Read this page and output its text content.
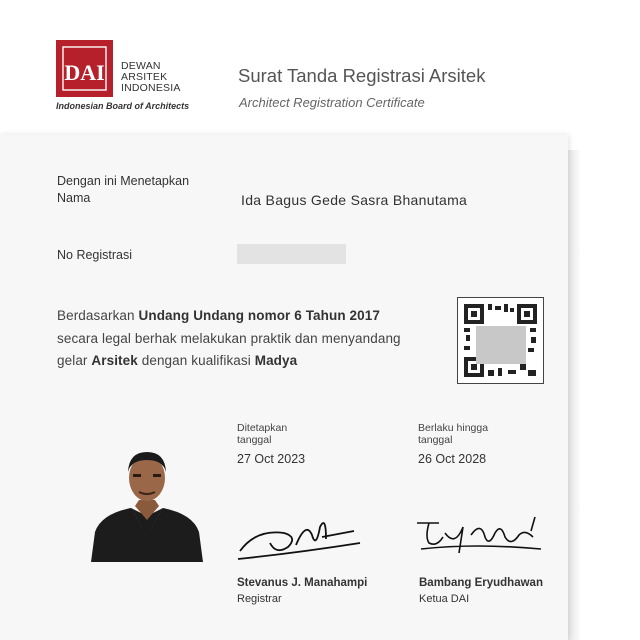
DAI DEWAN
ARSITEK
INDONESIA
Indonesian Board of Architects
Surat Tanda Registrasi Arsitek
Architect Registration Certificate
Dengan ini Menetapkan
Nama	Ida Bagus Gede Sasra Bhanutama
No Registrasi
Berdasarkan Undang Undang nomor 6 Tahun 2017
secara legal berhak melakukan praktik dan menyandang
gelar Arsitek dengan kualifikasi Madya
Ditetapkan
tanggal
27 Oct 2023
Berlaku hingga
tanggal
26 Oct 2028
Stevanus J. Manahampi
Registrar
Bambang Eryudhawan
Ketua DAI
